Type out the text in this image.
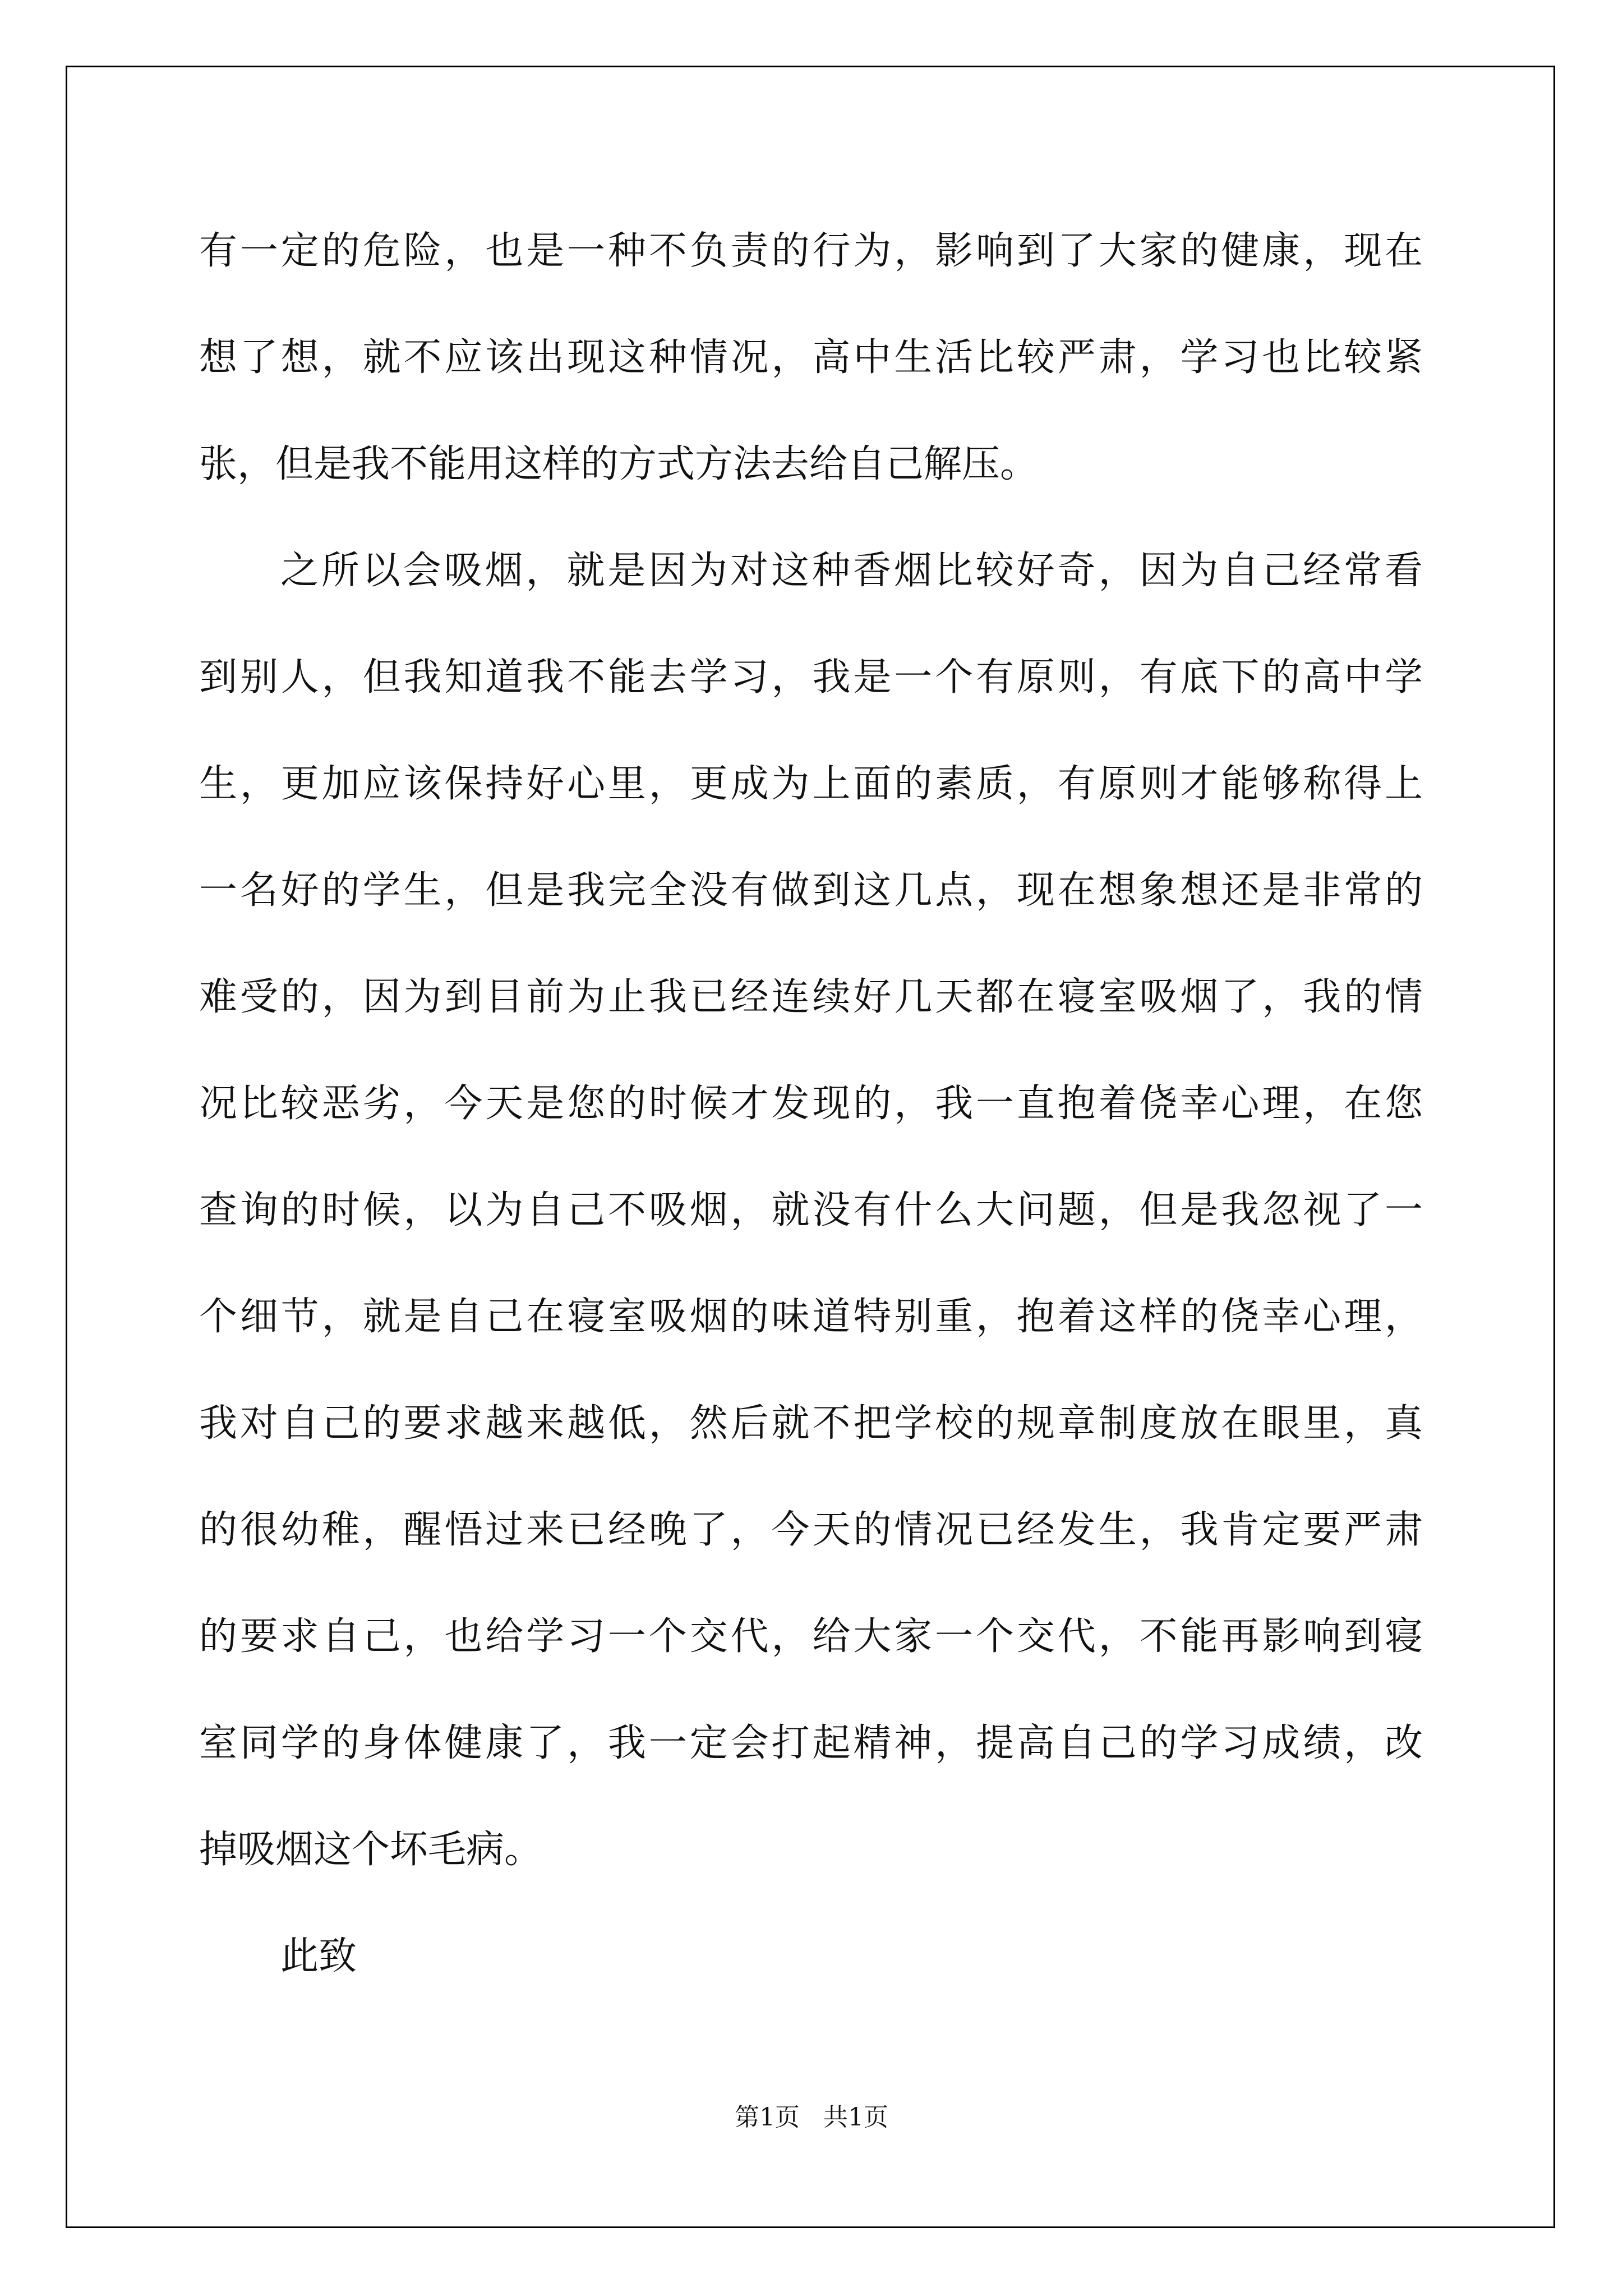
有一定的危险，也是一种不负责的行为，影响到了大家的健康，现在
想了想，就不应该出现这种情况，高中生活比较严肃，学习也比较紧
张，但是我不能用这样的方式方法去给自己解压。
之所以会吸烟，就是因为对这种香烟比较好奇，因为自己经常看
到别人，但我知道我不能去学习，我是一个有原则，有底下的高中学
生，更加应该保持好心里，更成为上面的素质，有原则才能够称得上
一名好的学生，但是我完全没有做到这几点，现在想象想还是非常的
难受的，因为到目前为止我已经连续好几天都在寝室吸烟了，我的情
况比较恶劣，今天是您的时候才发现的，我一直抱着侥幸心理，在您
查询的时候，以为自己不吸烟，就没有什么大问题，但是我忽视了一
个细节，就是自己在寝室吸烟的味道特别重，抱着这样的侥幸心理，
我对自己的要求越来越低，然后就不把学校的规章制度放在眼里，真
的很幼稚，醒悟过来已经晚了，今天的情况已经发生，我肯定要严肃
的要求自己，也给学习一个交代，给大家一个交代，不能再影响到寝
室同学的身体健康了，我一定会打起精神，提高自己的学习成绩，改
掉吸烟这个坏毛病。
此致
第1页   共1页
